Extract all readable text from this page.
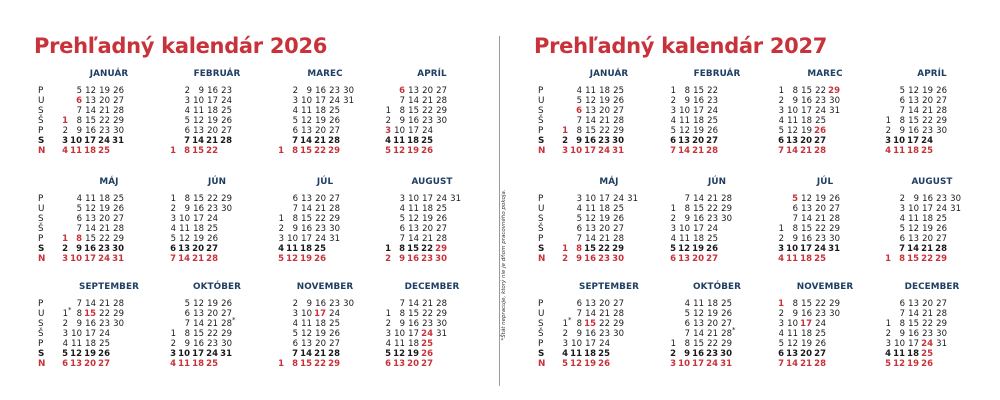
Prehľadný kalendár 2026
P
U
S
Š
P
S
N
JANUÁR
1
2
3
4
5
6
7
8
9
10
11
12
13
14
15
16
17
18
19
20
21
22
23
24
25
26
27
28
29
30
31
FEBRUÁR
1
2
3
4
5
6
7
8
9
10
11
12
13
14
15
16
17
18
19
20
21
22
23
24
25
26
27
28
MAREC
1
2
3
4
5
6
7
8
9
10
11
12
13
14
15
16
17
18
19
20
21
22
23
24
25
26
27
28
29
30
31
APRÍL
1
2
3
4
5
6
7
8
9
10
11
12
13
14
15
16
17
18
19
20
21
22
23
24
25
26
27
28
29
30
P
U
S
Š
P
S
N
MÁJ
1
2
3
4
5
6
7
8
9
10
11
12
13
14
15
16
17
18
19
20
21
22
23
24
25
26
27
28
29
30
31
JÚN
1
2
3
4
5
6
7
8
9
10
11
12
13
14
15
16
17
18
19
20
21
22
23
24
25
26
27
28
29
30
JÚL
1
2
3
4
5
6
7
8
9
10
11
12
13
14
15
16
17
18
19
20
21
22
23
24
25
26
27
28
29
30
31
AUGUST
1
2
3
4
5
6
7
8
9
10
11
12
13
14
15
16
17
18
19
20
21
22
23
24
25
26
27
28
29
30
31
P
U
S
Š
P
S
N
SEPTEMBER
1 *
2
3
4
5
6
7
8
9
10
11
12
13
14
15
16
17
18
19
20
21
22
23
24
25
26
27
28
29
30
OKTÓBER
1
2
3
4
5
6
7
8
9
10
11
12
13
14
15
16
17
18
19
20
21
22
23
24
25
26
27
28 *
29
30
31
NOVEMBER
1
2
3
4
5
6
7
8
9
10
11
12
13
14
15
16
17
18
19
20
21
22
23
24
25
26
27
28
29
30
DECEMBER
1
2
3
4
5
6
7
8
9
10
11
12
13
14
15
16
17
18
19
20
21
22
23
24
25
26
27
28
29
30
31	*Štát nepracuje, ktorý nie je dňom pracovného pokoja.
Prehľadný kalendár 2027
P
U
S
Š
P
S
N
JANUÁR
1
2
3
4
5
6
7
8
9
10
11
12
13
14
15
16
17
18
19
20
21
22
23
24
25
26
27
28
29
30
31
FEBRUÁR
1
2
3
4
5
6
7
8
9
10
11
12
13
14
15
16
17
18
19
20
21
22
23
24
25
26
27
28
MAREC
1
2
3
4
5
6
7
8
9
10
11
12
13
14
15
16
17
18
19
20
21
22
23
24
25
26
27
28
29
30
31
APRÍL
1
2
3
4
5
6
7
8
9
10
11
12
13
14
15
16
17
18
19
20
21
22
23
24
25
26
27
28
29
30
P
U
S
Š
P
S
N
MÁJ
1
2
3
4
5
6
7
8
9
10
11
12
13
14
15
16
17
18
19
20
21
22
23
24
25
26
27
28
29
30
31
JÚN
1
2
3
4
5
6
7
8
9
10
11
12
13
14
15
16
17
18
19
20
21
22
23
24
25
26
27
28
29
30
JÚL
1
2
3
4
5
6
7
8
9
10
11
12
13
14
15
16
17
18
19
20
21
22
23
24
25
26
27
28
29
30
31
AUGUST
1
2
3
4
5
6
7
8
9
10
11
12
13
14
15
16
17
18
19
20
21
22
23
24
25
26
27
28
29
30
31
P
U
S
Š
P
S
N
SEPTEMBER
1 *
2
3
4
5
6
7
8
9
10
11
12
13
14
15
16
17
18
19
20
21
22
23
24
25
26
27
28
29
30
OKTÓBER
1
2
3
4
5
6
7
8
9
10
11
12
13
14
15
16
17
18
19
20
21
22
23
24
25
26
27
28 *
29
30
31
NOVEMBER
1
2
3
4
5
6
7
8
9
10
11
12
13
14
15
16
17
18
19
20
21
22
23
24
25
26
27
28
29
30
DECEMBER
1
2
3
4
5
6
7
8
9
10
11
12
13
14
15
16
17
18
19
20
21
22
23
24
25
26
27
28
29
30
31
